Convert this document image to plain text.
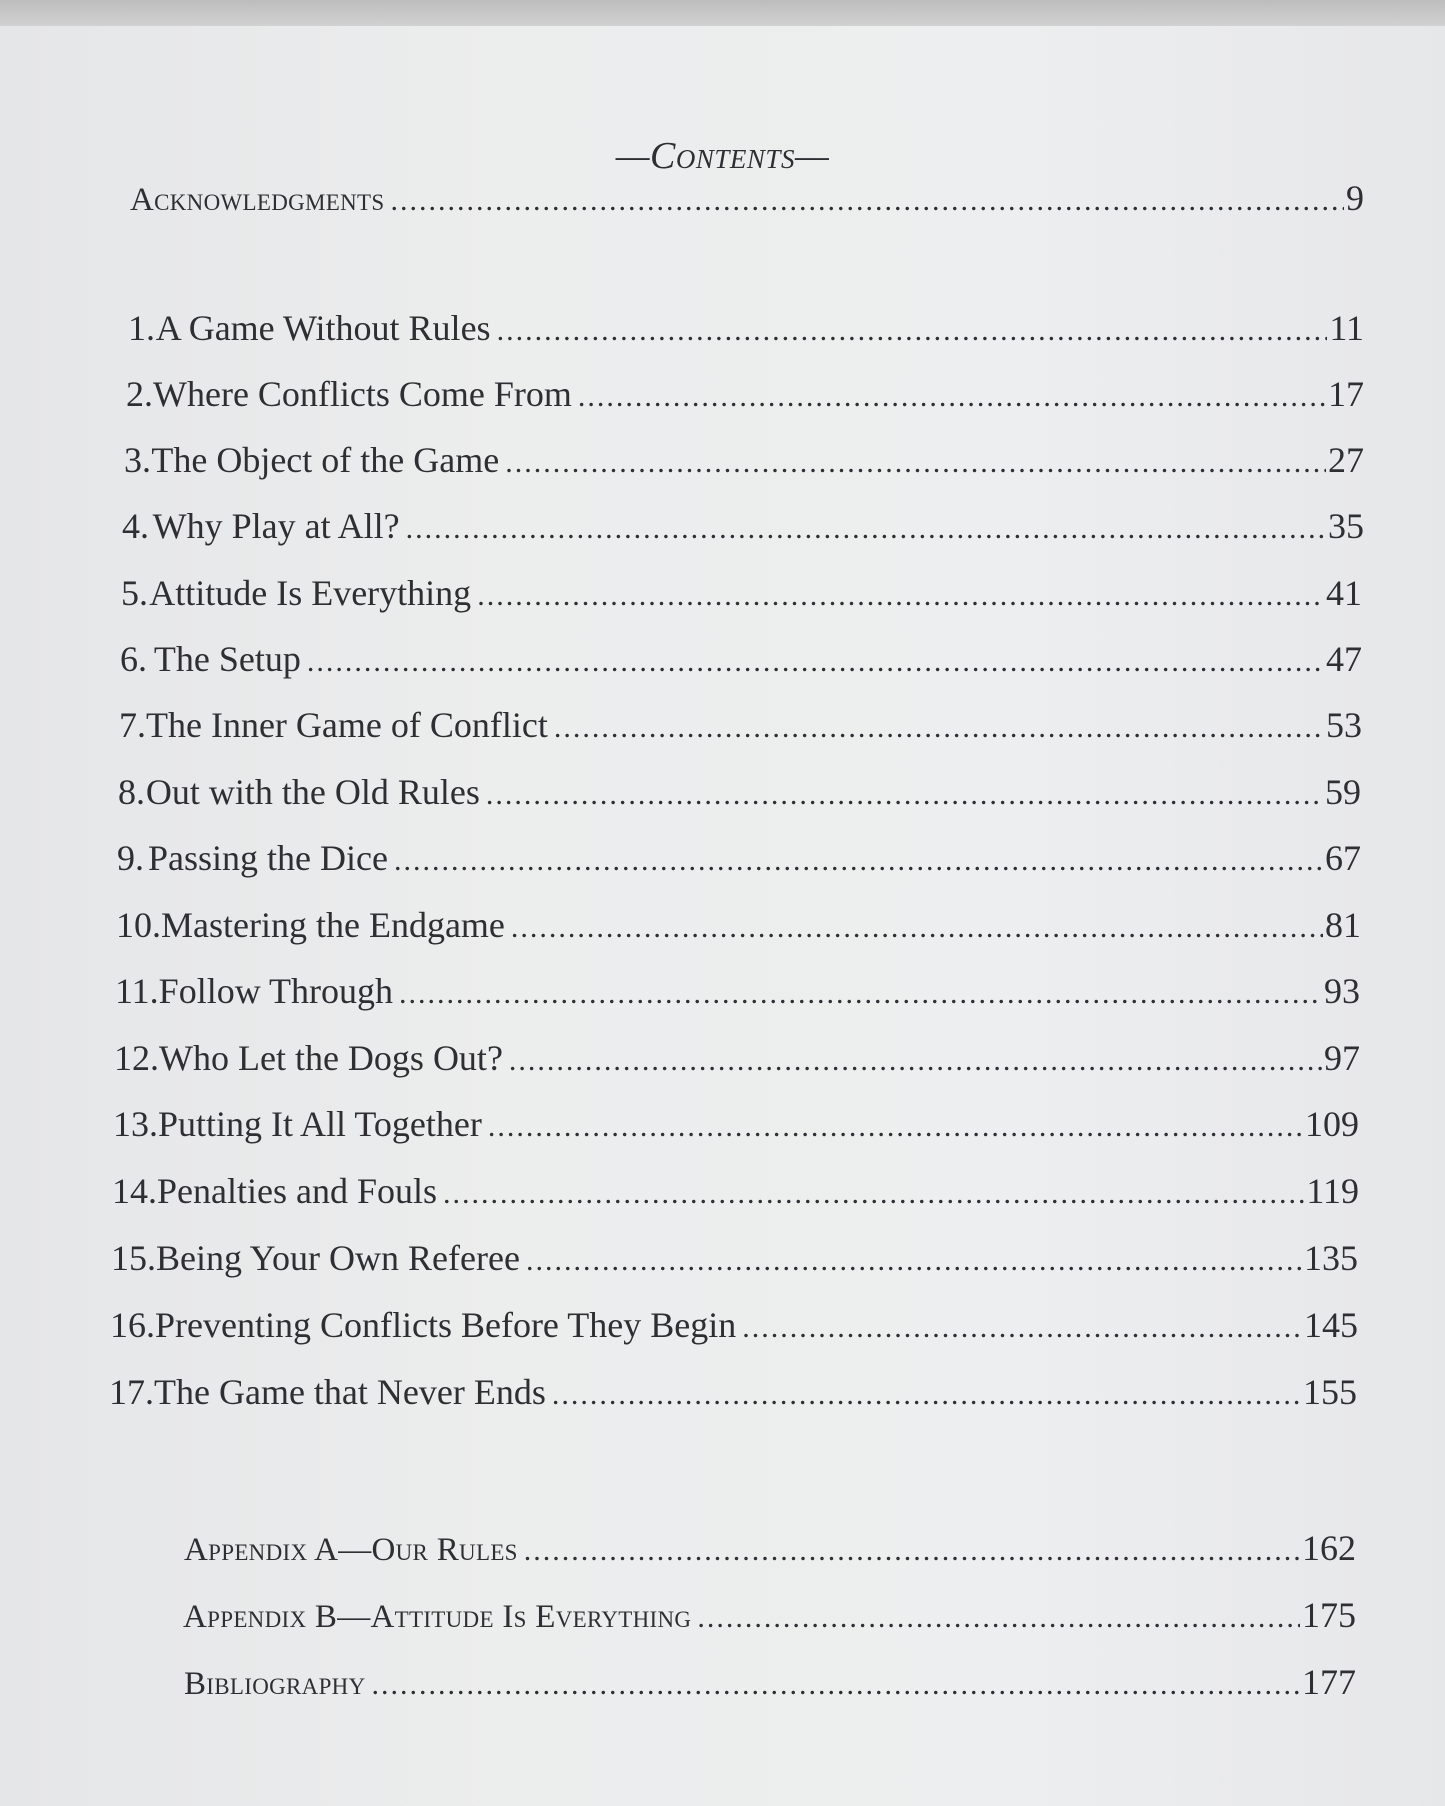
—Contents—
Acknowledgments .....	9
1. A Game Without Rules .....	11
2. Where Conflicts Come From .....	17
3. The Object of the Game .....	27
4. Why Play at All? .....	35
5. Attitude Is Everything .....	41
6. The Setup .....	47
7. The Inner Game of Conflict .....	53
8. Out with the Old Rules .....	59
9. Passing the Dice .....	67
10. Mastering the Endgame .....	81
11. Follow Through .....	93
12. Who Let the Dogs Out? .....	97
13. Putting It All Together .....	109
14. Penalties and Fouls .....	119
15. Being Your Own Referee .....	135
16. Preventing Conflicts Before They Begin .....	145
17. The Game that Never Ends .....	155
Appendix A—Our Rules .....	162
Appendix B—Attitude Is Everything .....	175
Bibliography .....	177
